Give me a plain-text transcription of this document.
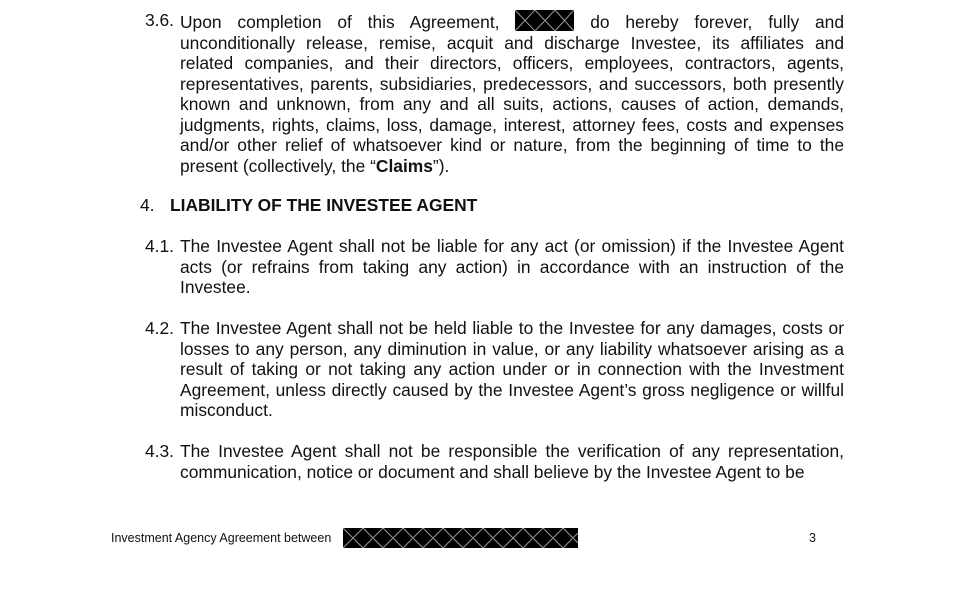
3.6. Upon completion of this Agreement,	do hereby forever, fully and unconditionally release, remise, acquit and discharge Investee, its affiliates and related companies, and their directors, officers, employees, contractors, agents, representatives, parents, subsidiaries, predecessors, and successors, both presently known and unknown, from any and all suits, actions, causes of action, demands, judgments, rights, claims, loss, damage, interest, attorney fees, costs and expenses and/or other relief of whatsoever kind or nature, from the beginning of time to the present (collectively, the “Claims”).
4. LIABILITY OF THE INVESTEE AGENT
4.1. The Investee Agent shall not be liable for any act (or omission) if the Investee Agent acts (or refrains from taking any action) in accordance with an instruction of the Investee.
4.2. The Investee Agent shall not be held liable to the Investee for any damages, costs or losses to any person, any diminution in value, or any liability whatsoever arising as a result of taking or not taking any action under or in connection with the Investment Agreement, unless directly caused by the Investee Agent’s gross negligence or willful misconduct.
4.3. The Investee Agent shall not be responsible the verification of any representation, communication, notice or document and shall believe by the Investee Agent to be
Investment Agency Agreement between	3
